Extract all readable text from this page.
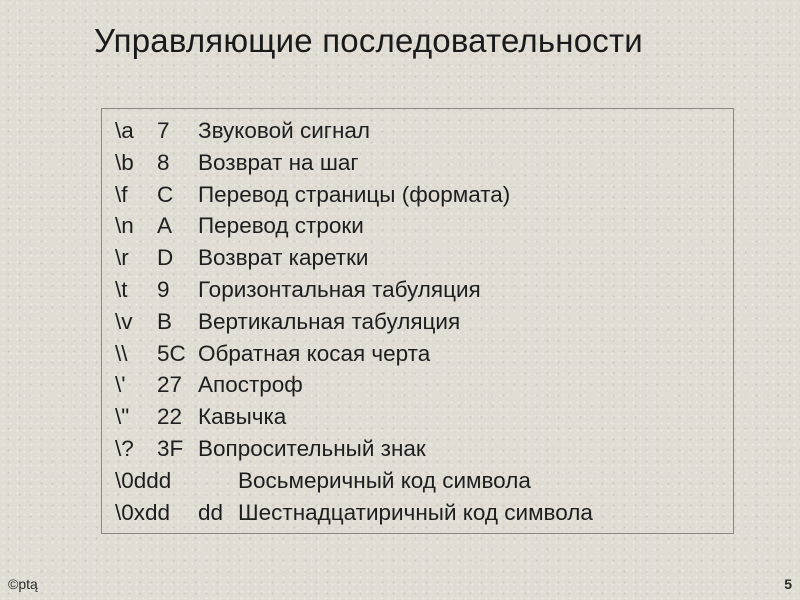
Управляющие последовательности
\a 7 Звуковой сигнал
\b 8 Возврат на шаг
\f C Перевод страницы (формата)
\n A Перевод строки
\r D Возврат каретки
\t 9 Горизонтальная табуляция
\v B Вертикальная табуляция
\\ 5C Обратная косая черта
\' 27 Апостроф
\" 22 Кавычка
\? 3F Вопросительный знак
\0ddd	Восьмеричный код символа
\0xdd dd Шестнадцатиричный код символа
©ptą	5
